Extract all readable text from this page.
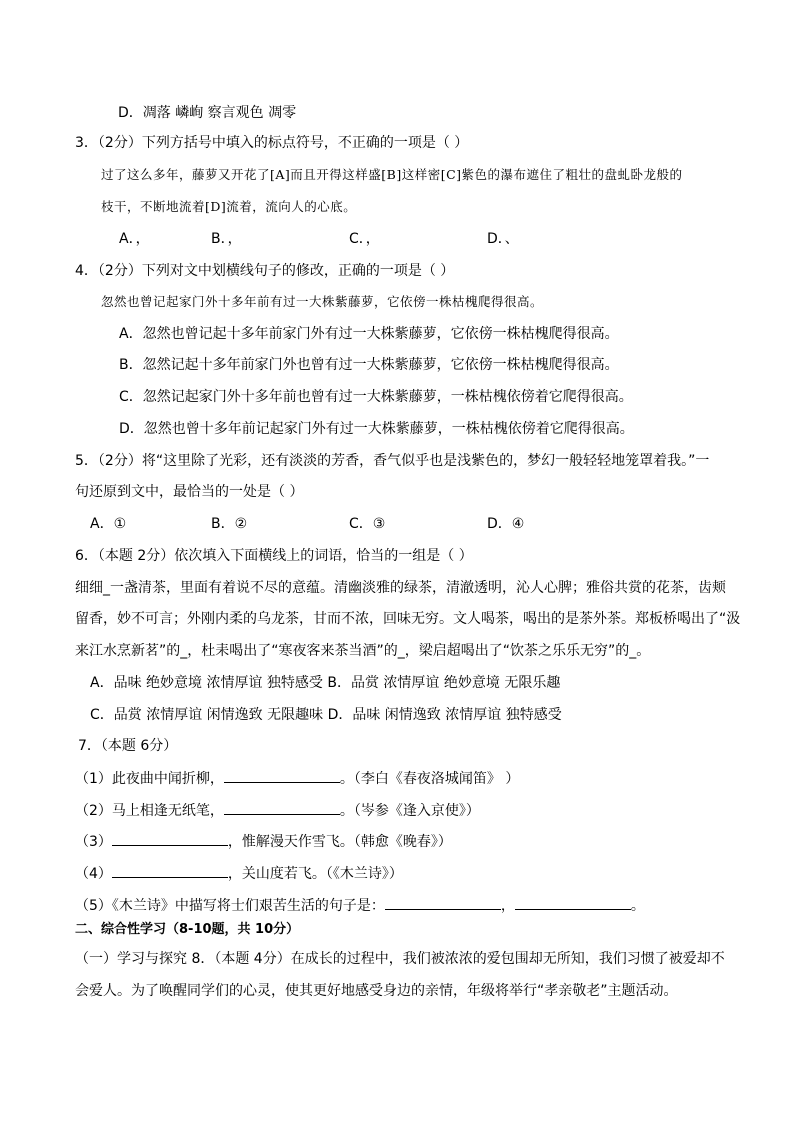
D．凋落 嶙峋 察言观色 凋零
3．（2分）下列方括号中填入的标点符号，不正确的一项是（ ）
过了这么多年，藤萝又开花了[A]而且开得这样盛[B]这样密[C]紫色的瀑布遮住了粗壮的盘虬卧龙般的
枝干，不断地流着[D]流着，流向人的心底。
A．，	B．，	C．，	D．、
4．（2分）下列对文中划横线句子的修改，正确的一项是（ ）
忽然也曾记起家门外十多年前有过一大株紫藤萝，它依傍一株枯槐爬得很高。
A．忽然也曾记起十多年前家门外有过一大株紫藤萝，它依傍一株枯槐爬得很高。
B．忽然记起十多年前家门外也曾有过一大株紫藤萝，它依傍一株枯槐爬得很高。
C．忽然记起家门外十多年前也曾有过一大株紫藤萝，一株枯槐依傍着它爬得很高。
D．忽然也曾十多年前记起家门外有过一大株紫藤萝，一株枯槐依傍着它爬得很高。
5．（2分）将“这里除了光彩，还有淡淡的芳香，香气似乎也是浅紫色的，梦幻一般轻轻地笼罩着我。”一
句还原到文中，最恰当的一处是（ ）
A．①	B．②	C．③	D．④
6．（本题 2分）依次填入下面横线上的词语，恰当的一组是（ ）
细细_一盏清茶，里面有着说不尽的意蕴。清幽淡雅的绿茶，清澈透明，沁人心脾；雅俗共赏的花茶，齿颊
留香，妙不可言；外刚内柔的乌龙茶，甘而不浓，回味无穷。文人喝茶，喝出的是茶外茶。郑板桥喝出了“汲
来江水烹新茗”的_，杜耒喝出了“寒夜客来茶当酒”的_，梁启超喝出了“饮茶之乐乐无穷”的_。
A．品味 绝妙意境 浓情厚谊 独特感受 B．品赏 浓情厚谊 绝妙意境 无限乐趣
C．品赏 浓情厚谊 闲情逸致 无限趣味 D．品味 闲情逸致 浓情厚谊 独特感受
7．（本题 6分）
（1）此夜曲中闻折柳，	。（李白《春夜洛城闻笛》 ）
（2）马上相逢无纸笔，	。（岑参《逢入京使》）
（3）	，惟解漫天作雪飞。（韩愈《晚春》）
（4）	，关山度若飞。（《木兰诗》）
（5）《木兰诗》中描写将士们艰苦生活的句子是：	，	。
二、综合性学习（8-10题，共 10分）
（一）学习与探究 8．（本题 4分）在成长的过程中，我们被浓浓的爱包围却无所知，我们习惯了被爱却不
会爱人。为了唤醒同学们的心灵，使其更好地感受身边的亲情，年级将举行“孝亲敬老”主题活动。
